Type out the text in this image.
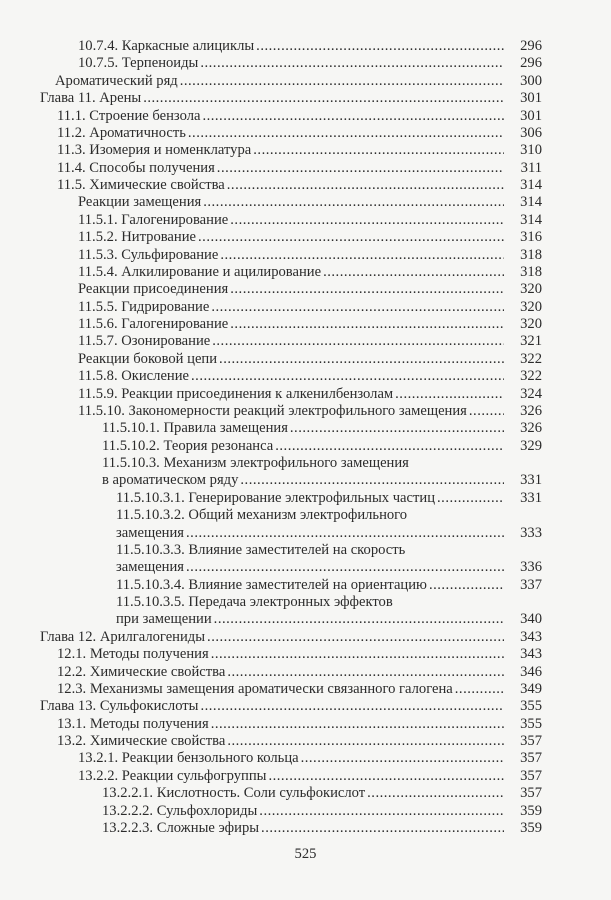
10.7.4. Каркасные алициклы .....	296
10.7.5. Терпеноиды .....	296
Ароматический ряд .....	300
Глава 11. Арены .....	301
11.1. Строение бензола .....	301
11.2. Ароматичность .....	306
11.3. Изомерия и номенклатура .....	310
11.4. Способы получения .....	311
11.5. Химические свойства .....	314
Реакции замещения .....	314
11.5.1. Галогенирование .....	314
11.5.2. Нитрование .....	316
11.5.3. Сульфирование .....	318
11.5.4. Алкилирование и ацилирование .....	318
Реакции присоединения .....	320
11.5.5. Гидрирование .....	320
11.5.6. Галогенирование .....	320
11.5.7. Озонирование .....	321
Реакции боковой цепи .....	322
11.5.8. Окисление .....	322
11.5.9. Реакции присоединения к алкенилбензолам .....	324
11.5.10. Закономерности реакций электрофильного замещения .....	326
11.5.10.1. Правила замещения .....	326
11.5.10.2. Теория резонанса .....	329
11.5.10.3. Механизм электрофильного замещения
в ароматическом ряду .....	331
11.5.10.3.1. Генерирование электрофильных частиц .....	331
11.5.10.3.2. Общий механизм электрофильного
замещения .....	333
11.5.10.3.3. Влияние заместителей на скорость
замещения .....	336
11.5.10.3.4. Влияние заместителей на ориентацию .....	337
11.5.10.3.5. Передача электронных эффектов
при замещении .....	340
Глава 12. Арилгалогениды .....	343
12.1. Методы получения .....	343
12.2. Химические свойства .....	346
12.3. Механизмы замещения ароматически связанного галогена .....	349
Глава 13. Сульфокислоты .....	355
13.1. Методы получения .....	355
13.2. Химические свойства .....	357
13.2.1. Реакции бензольного кольца .....	357
13.2.2. Реакции сульфогруппы .....	357
13.2.2.1. Кислотность. Соли сульфокислот .....	357
13.2.2.2. Сульфохлориды .....	359
13.2.2.3. Сложные эфиры .....	359
525
